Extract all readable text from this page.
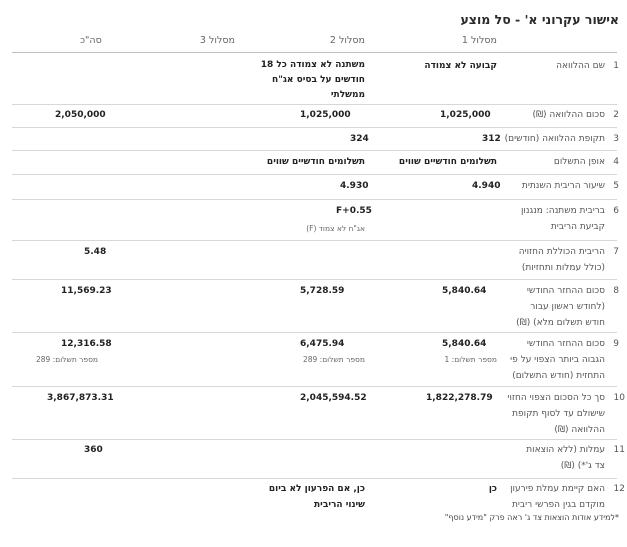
אישור עקרוני א' - סל מוצע
מסלול 1
מסלול 2
מסלול 3
סה"כ
1
שם ההלוואה
קבועה לא צמודה
משתנה לא צמודה כל 18
חודשים על בסיס אג"ח
ממשלתי
2
סכום ההלוואה (₪)
1,025,000
1,025,000
2,050,000
3
תקופת ההלוואה (חודשים)
312
324
4
אופן התשלום
תשלומים חודשיים שווים
תשלומים חודשיים שווים
5
שיעור הריבית השנתית
4.940
4.930
6
בריבית משתנה: מנגנון
קביעת הריבית
F+0.55
אג"ח לא צמוד (F)
7
הריבית הכוללת החזויה
(כולל עמלות ותחזיות)
5.48
8
סכום ההחזר החודשי
(לחודש ראשון עבור
חודש תשלום מלא) (₪)
5,840.64
5,728.59
11,569.23
9
סכום ההחזר החודשי
הגבוה ביותר הצפוי על פי
התחזית (חודש התשלום)
5,840.64
מספר תשלום: 1
6,475.94
מספר תשלום: 289
12,316.58
מספר תשלום: 289
10
סך כל הסכום הצפוי החזוי
שישולם עד לסוף תקופת
ההלוואה (₪)
1,822,278.79
2,045,594.52
3,867,873.31
11
עמלות (ללא הוצאות
צד ג'*) (₪)
360
12
האם קיימת עמלת פירעון
מוקדם בגין הפרשי ריבית
כן
כן, אם הפרעון לא ביום
שינוי הריבית
*למידע אודות הוצאות צד ג' ראה פרק "מידע נוסף"
